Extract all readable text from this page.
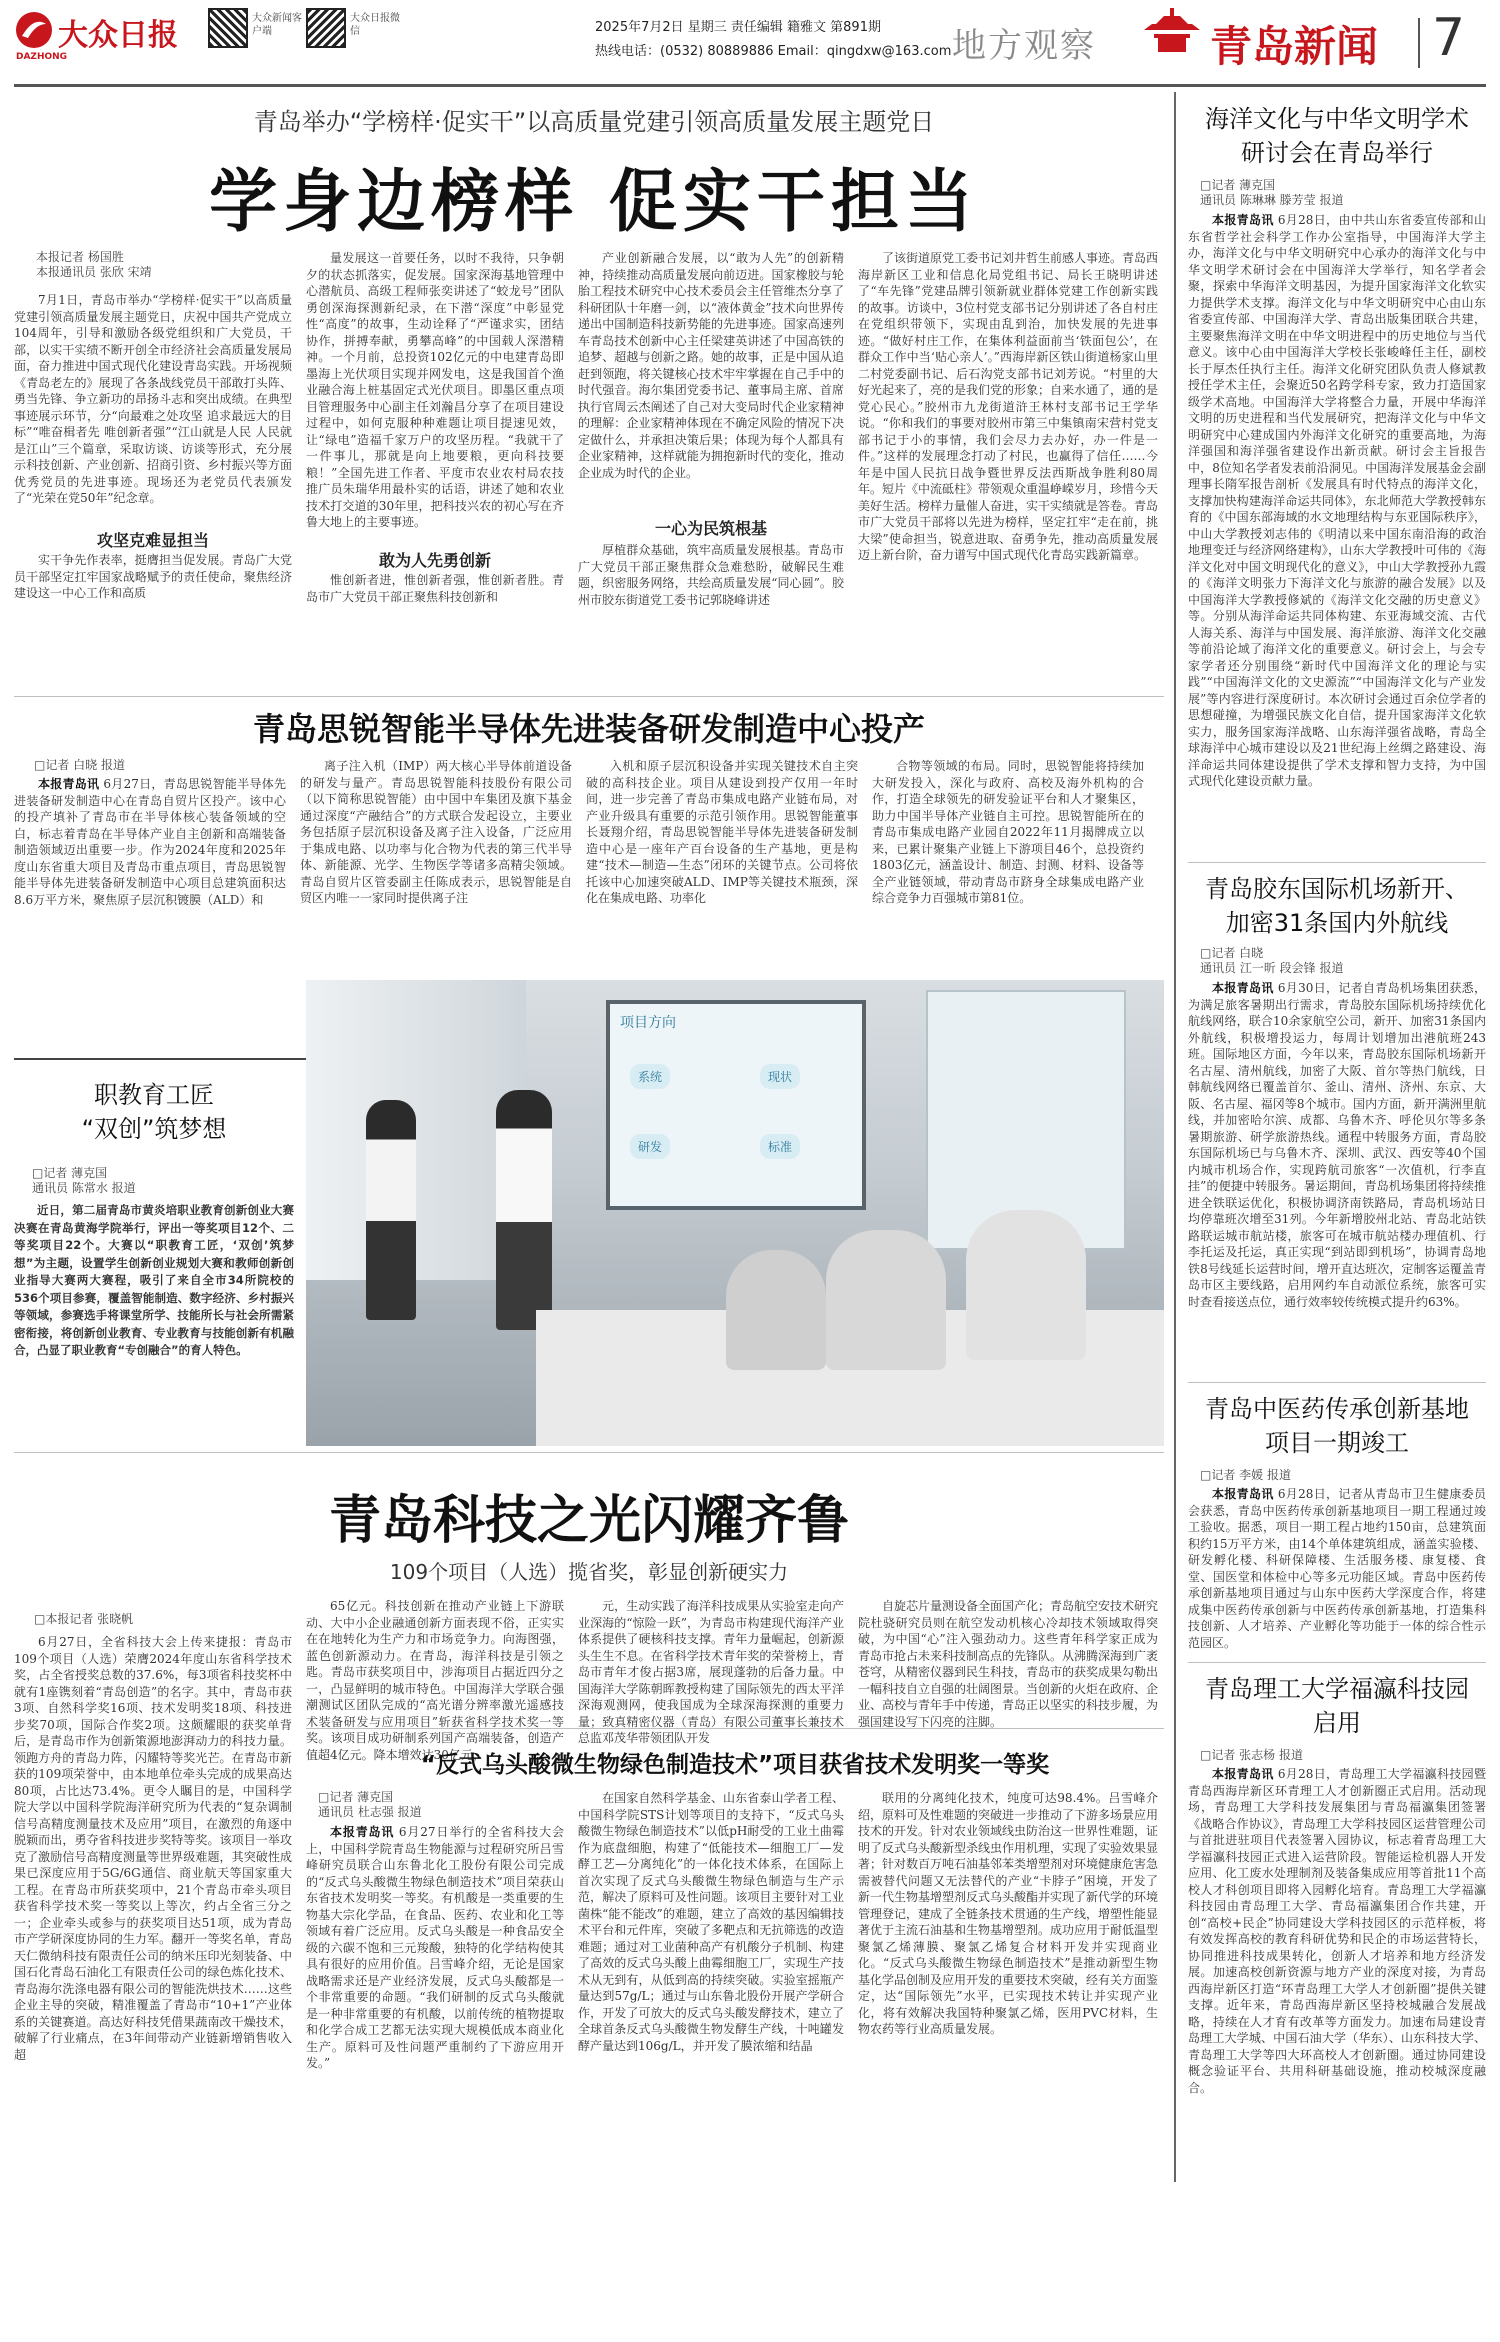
大众日报
DAZHONG
大众新闻客户端
大众日报微信	2025年7月2日 星期三 责任编辑 籍雅文 第891期
热线电话：(0532) 80889886 Email：qingdxw@163.com 地方观察	青岛新闻 7
青岛举办“学榜样·促实干”以高质量党建引领高质量发展主题党日
学身边榜样 促实干担当
本报记者 杨国胜
本报通讯员 张欣 宋靖

7月1日，青岛市举办“学榜样·促实干”以高质量党建引领高质量发展主题党日，庆祝中国共产党成立104周年，引导和激励各级党组织和广大党员，干部，以实干实绩不断开创全市经济社会高质量发展局面，奋力推进中国式现代化建设青岛实践。开场视频《青岛老左的》展现了各条战线党员干部敢打头阵、勇当先锋、争立新功的昂扬斗志和突出成绩。在典型事迹展示环节，分“向最难之处攻坚 追求最远大的目标”“唯奋楫者先 唯创新者强”“江山就是人民 人民就是江山”三个篇章，采取访谈、访谈等形式，充分展示科技创新、产业创新、招商引资、乡村振兴等方面优秀党员的先进事迹。现场还为老党员代表颁发了“光荣在党50年”纪念章。

攻坚克难显担当

实干争先作表率，挺膺担当促发展。青岛广大党员干部坚定扛牢国家战略赋予的责任使命，聚焦经济建设这一中心工作和高质

量发展这一首要任务，以时不我待，只争朝夕的状态抓落实，促发展。国家深海基地管理中心潜航员、高级工程师张奕讲述了“蛟龙号”团队勇创深海探测新纪录，在下潜“深度”中彰显党性“高度”的故事，生动诠释了“严谨求实，团结协作，拼搏奉献，勇攀高峰”的中国载人深潜精神。一个月前，总投资102亿元的中电建青岛即墨海上光伏项目实现并网发电，这是我国首个渔业融合海上桩基固定式光伏项目。即墨区重点项目管理服务中心副主任刘瀚昌分享了在项目建设过程中，如何克服种种难题让项目提速见效，让“绿电”造福千家万户的攻坚历程。“我就干了一件事儿，那就是向上地要粮，更向科技要粮！”全国先进工作者、平度市农业农村局农技推广员朱瑞华用最朴实的话语，讲述了她和农业技术打交道的30年里，把科技兴农的初心写在齐鲁大地上的主要事迹。

敢为人先勇创新

惟创新者进，惟创新者强，惟创新者胜。青岛市广大党员干部正聚焦科技创新和

产业创新融合发展，以“敢为人先”的创新精神，持续推动高质量发展向前迈进。国家橡胶与轮胎工程技术研究中心技术委员会主任管维杰分享了科研团队十年磨一剑，以“液体黄金”技术向世界传递出中国制造科技新势能的先进事迹。国家高速列车青岛技术创新中心主任梁建英讲述了中国高铁的追梦、超越与创新之路。她的故事，正是中国从追赶到领跑，将关键核心技术牢牢掌握在自己手中的时代强音。海尔集团党委书记、董事局主席、首席执行官周云杰阐述了自己对大变局时代企业家精神的理解：企业家精神体现在不确定风险的情况下决定做什么，并承担决策后果；体现为每个人都具有企业家精神，这样就能为拥抱新时代的变化，推动企业成为时代的企业。

一心为民筑根基

厚植群众基础，筑牢高质量发展根基。青岛市广大党员干部正聚焦群众急难愁盼，破解民生难题，织密服务网络，共绘高质量发展“同心圆”。胶州市胶东街道党工委书记郭晓峰讲述

了该街道原党工委书记刘井哲生前感人事迹。青岛西海岸新区工业和信息化局党组书记、局长王晓明讲述了“车先锋”党建品牌引领新就业群体党建工作创新实践的故事。访谈中，3位村党支部书记分别讲述了各自村庄在党组织带领下，实现由乱到治，加快发展的先进事迹。“做好村庄工作，在集体利益面前当‘铁面包公’，在群众工作中当‘贴心亲人’。”西海岸新区铁山街道杨家山里二村党委副书记、后石沟党支部书记刘芳说。“村里的大好光起来了，亮的是我们党的形象；自来水通了，通的是党心民心。”胶州市九龙街道浒王林村支部书记王学华说。“你和我们的事要对胶州市第三中集镇南宋营村党支部书记于小的事情，我们会尽力去办好，办一件是一件。”这样的发展理念打动了村民，也赢得了信任……今年是中国人民抗日战争暨世界反法西斯战争胜利80周年。短片《中流砥柱》带领观众重温峥嵘岁月，珍惜今天美好生活。榜样力量催人奋进，实干实绩就是答卷。青岛市广大党员干部将以先进为榜样，坚定扛牢“走在前，挑大梁”使命担当，锐意进取、奋勇争先，推动高质量发展迈上新台阶，奋力谱写中国式现代化青岛实践新篇章。

青岛思锐智能半导体先进装备研发制造中心投产
□记者 白晓 报道

本报青岛讯 6月27日，青岛思锐智能半导体先进装备研发制造中心在青岛自贸片区投产。该中心的投产填补了青岛市在半导体核心装备领域的空白，标志着青岛在半导体产业自主创新和高端装备制造领域迈出重要一步。作为2024年度和2025年度山东省重大项目及青岛市重点项目，青岛思锐智能半导体先进装备研发制造中心项目总建筑面积达8.6万平方米，聚焦原子层沉积镀膜（ALD）和

离子注入机（IMP）两大核心半导体前道设备的研发与量产。青岛思锐智能科技股份有限公司（以下简称思锐智能）由中国中车集团及旗下基金通过深度“产融结合”的方式联合发起设立，主要业务包括原子层沉积设备及离子注入设备，广泛应用于集成电路、以功率与化合物为代表的第三代半导体、新能源、光学、生物医学等诸多高精尖领域。青岛自贸片区管委副主任陈成表示，思锐智能是自贸区内唯一一家同时提供离子注

入机和原子层沉积设备并实现关键技术自主突破的高科技企业。项目从建设到投产仅用一年时间，进一步完善了青岛市集成电路产业链布局，对产业升级具有重要的示范引领作用。思锐智能董事长聂翔介绍，青岛思锐智能半导体先进装备研发制造中心是一座年产百台设备的生产基地，更是构建“技术—制造—生态”闭环的关键节点。公司将依托该中心加速突破ALD、IMP等关键技术瓶颈，深化在集成电路、功率化

合物等领域的布局。同时，思锐智能将持续加大研发投入，深化与政府、高校及海外机构的合作，打造全球领先的研发验证平台和人才聚集区，助力中国半导体产业链自主可控。思锐智能所在的青岛市集成电路产业园自2022年11月揭牌成立以来，已累计聚集产业链上下游项目46个，总投资约1803亿元，涵盖设计、制造、封测、材料、设备等全产业链领域，带动青岛市跻身全球集成电路产业综合竞争力百强城市第81位。

项目方向
系统	现状
研发	标准
职教育工匠
“双创”筑梦想
□记者 薄克国
通讯员 陈常水 报道

近日，第二届青岛市黄炎培职业教育创新创业大赛决赛在青岛黄海学院举行，评出一等奖项目12个、二等奖项目22个。大赛以“职教育工匠，‘双创’筑梦想”为主题，设置学生创新创业规划大赛和教师创新创业指导大赛两大赛程，吸引了来自全市34所院校的536个项目参赛，覆盖智能制造、数字经济、乡村振兴等领域，参赛选手将课堂所学、技能所长与社会所需紧密衔接，将创新创业教育、专业教育与技能创新有机融合，凸显了职业教育“专创融合”的育人特色。

青岛科技之光闪耀齐鲁
109个项目（人选）揽省奖，彰显创新硬实力
□本报记者 张晓帆

6月27日，全省科技大会上传来捷报：青岛市109个项目（人选）荣膺2024年度山东省科学技术奖，占全省授奖总数的37.6%，每3项省科技奖杯中就有1座镌刻着“青岛创造”的名字。其中，青岛市获3项、自然科学奖16项、技术发明奖18项、科技进步奖70项，国际合作奖2项。这颇耀眼的获奖单背后，是青岛市作为创新策源地澎湃动力的科技力量。领跑方舟的青岛力阵，闪耀特等奖光芒。在青岛市新获的109项荣誉中，由本地单位牵头完成的成果高达80项，占比达73.4%。更令人瞩目的是，中国科学院大学以中国科学院海洋研究所为代表的“复杂调制信号高精度测量技术及应用”项目，在激烈的角逐中脱颖而出，勇夺省科技进步奖特等奖。该项目一举攻克了激励信号高精度测量等世界级难题，其突破性成果已深度应用于5G/6G通信、商业航天等国家重大工程。在青岛市所获奖项中，21个青岛市牵头项目获省科学技术奖一等奖以上等次，约占全省三分之一；企业牵头或参与的获奖项目达51项，成为青岛市产学研深度协同的生力军。翻开一等奖名单，青岛天仁微纳科技有限责任公司的纳米压印光刻装备、中国石化青岛石油化工有限责任公司的绿色炼化技术、青岛海尔洗涤电器有限公司的智能洗烘技术……这些企业主导的突破，精准覆盖了青岛市“10+1”产业体系的关键赛道。高达好科技凭借果蔬南改干燥技术，破解了行业痛点，在3年间带动产业链新增销售收入超

65亿元。科技创新在推动产业链上下游联动、大中小企业融通创新方面表现不俗，正实实在在地转化为生产力和市场竞争力。向海图强，蓝色创新源动力。在青岛，海洋科技是引领之匙。青岛市获奖项目中，涉海项目占据近四分之一，凸显鲜明的城市特色。中国海洋大学联合强潮测试区团队完成的“高光谱分辨率激光遥感技术装备研发与应用项目”斩获省科学技术奖一等奖。该项目成功研制系列国产高端装备，创造产值超4亿元。降本增效达30亿元，

元，生动实践了海洋科技成果从实验室走向产业深海的“惊险一跃”，为青岛市构建现代海洋产业体系提供了硬核科技支撑。青年力量崛起，创新源头生生不息。在省科学技术青年奖的荣誉榜上，青岛市青年才俊占据3席，展现蓬勃的后备力量。中国海洋大学陈朝晖教授构建了国际领先的西太平洋深海观测网，使我国成为全球深海探测的重要力量；致真精密仪器（青岛）有限公司董事长兼技术总监邓茂华带领团队开发

自旋芯片量测设备全面国产化；青岛航空安技术研究院杜骁研究员则在航空发动机核心冷却技术领域取得突破，为中国“心”注入强劲动力。这些青年科学家正成为青岛市抢占未来科技制高点的先锋队。从沸腾深海到广袤苍穹，从精密仪器到民生科技，青岛市的获奖成果勾勒出一幅科技自立自强的壮阔图景。当创新的火炬在政府、企业、高校与青年手中传递，青岛正以坚实的科技步履，为强国建设写下闪亮的注脚。

“反式乌头酸微生物绿色制造技术”项目获省技术发明奖一等奖
□记者 薄克国
通讯员 杜志强 报道

本报青岛讯 6月27日举行的全省科技大会上，中国科学院青岛生物能源与过程研究所吕雪峰研究员联合山东鲁北化工股份有限公司完成的“反式乌头酸微生物绿色制造技术”项目荣获山东省技术发明奖一等奖。有机酸是一类重要的生物基大宗化学品，在食品、医药、农业和化工等领域有着广泛应用。反式乌头酸是一种食品安全级的六碳不饱和三元羧酸，独特的化学结构使其具有很好的应用价值。吕雪峰介绍，无论是国家战略需求还是产业经济发展，反式乌头酸都是一个非常重要的命题。“我们研制的反式乌头酸就是一种非常重要的有机酸，以前传统的植物提取和化学合成工艺都无法实现大规模低成本商业化生产。原料可及性问题严重制约了下游应用开发。”

在国家自然科学基金、山东省泰山学者工程、中国科学院STS计划等项目的支持下，“反式乌头酸微生物绿色制造技术”以低pH耐受的工业土曲霉作为底盘细胞，构建了“低能技术—细胞工厂—发酵工艺—分离纯化”的一体化技术体系，在国际上首次实现了反式乌头酸微生物绿色制造与生产示范，解决了原料可及性问题。该项目主要针对工业菌株“能不能改”的难题，建立了高效的基因编辑技术平台和元件库，突破了多靶点和无抗筛选的改造难题；通过对工业菌种高产有机酸分子机制、构建了高效的反式乌头酸上曲霉细胞工厂，实现生产技术从无到有，从低到高的持续突破。实验室摇瓶产量达到57g/L；通过与山东鲁北股份开展产学研合作，开发了可放大的反式乌头酸发酵技术，建立了全球首条反式乌头酸微生物发酵生产线，十吨罐发酵产量达到106g/L，并开发了膜浓缩和结晶

联用的分离纯化技术，纯度可达98.4%。吕雪峰介绍，原料可及性难题的突破进一步推动了下游多场景应用技术的开发。针对农业领域线虫防治这一世界性难题，证明了反式乌头酸新型杀线虫作用机理，实现了实验效果显著；针对数百万吨石油基邻苯类增塑剂对环境健康危害急需被替代问题又无法替代的产业“卡脖子”困境，开发了新一代生物基增塑剂反式乌头酸酯并实现了新代学的环境管理登记，建成了全链条技术贯通的生产线，增塑性能显著优于主流石油基和生物基增塑剂。成功应用于耐低温型聚氯乙烯薄膜、聚氯乙烯复合材料开发并实现商业化。“反式乌头酸微生物绿色制造技术”是推动新型生物基化学品创制及应用开发的重要技术突破，经有关方面鉴定，达“国际领先”水平，已实现技术转让并实现产业化，将有效解决我国特种聚氯乙烯，医用PVC材料，生物农药等行业高质量发展。

海洋文化与中华文明学术研讨会在青岛举行
□记者 薄克国
通讯员 陈琳琳 滕芳莹 报道

本报青岛讯 6月28日，由中共山东省委宣传部和山东省哲学社会科学工作办公室指导，中国海洋大学主办，海洋文化与中华文明研究中心承办的海洋文化与中华文明学术研讨会在中国海洋大学举行，知名学者会聚，探索中华海洋文明基因，为提升国家海洋文化软实力提供学术支撑。海洋文化与中华文明研究中心由山东省委宣传部、中国海洋大学、青岛出版集团联合共建，主要聚焦海洋文明在中华文明进程中的历史地位与当代意义。该中心由中国海洋大学校长张峻峰任主任，副校长于厚杰任执行主任。海洋文化研究团队负责人修斌教授任学术主任，会聚近50名跨学科专家，致力打造国家级学术高地。中国海洋大学将整合力量，开展中华海洋文明的历史进程和当代发展研究，把海洋文化与中华文明研究中心建成国内外海洋文化研究的重要高地，为海洋强国和海洋强省建设作出新贡献。研讨会主旨报告中，8位知名学者发表前沿洞见。中国海洋发展基金会副理事长隋军报告剖析《发展具有时代特点的海洋文化，支撑加快构建海洋命运共同体》，东北师范大学教授韩东育的《中国东部海域的水文地理结构与东亚国际秩序》，中山大学教授刘志伟的《明清以来中国东南沿海的政治地理变迁与经济网络建构》，山东大学教授叶可伟的《海洋文化对中国文明现代化的意义》，中山大学教授孙九霞的《海洋文明张力下海洋文化与旅游的融合发展》以及中国海洋大学教授修斌的《海洋文化交融的历史意义》等。分别从海洋命运共同体构建、东亚海域交流、古代人海关系、海洋与中国发展、海洋旅游、海洋文化交融等前沿论域了海洋文化的重要意义。研讨会上，与会专家学者还分别围绕“新时代中国海洋文化的理论与实践”“中国海洋文化的文史源流”“中国海洋文化与产业发展”等内容进行深度研讨。本次研讨会通过百余位学者的思想碰撞，为增强民族文化自信，提升国家海洋文化软实力，服务国家海洋战略、山东海洋强省战略，青岛全球海洋中心城市建设以及21世纪海上丝绸之路建设、海洋命运共同体建设提供了学术支撑和智力支持，为中国式现代化建设贡献力量。

青岛胶东国际机场新开、加密31条国内外航线
□记者 白晓
通讯员 江一昕 段会锋 报道

本报青岛讯 6月30日，记者自青岛机场集团获悉，为满足旅客暑期出行需求，青岛胶东国际机场持续优化航线网络，联合10余家航空公司，新开、加密31条国内外航线，积极增投运力，每周计划增加出港航班243班。国际地区方面，今年以来，青岛胶东国际机场新开名古屋、清州航线，加密了大阪、首尔等热门航线，日韩航线网络已覆盖首尔、釜山、清州、济州、东京、大阪、名古屋、福冈等8个城市。国内方面，新开满洲里航线，并加密哈尔滨、成都、乌鲁木齐、呼伦贝尔等多条暑期旅游、研学旅游热线。通程中转服务方面，青岛胶东国际机场已与乌鲁木齐、深圳、武汉、西安等40个国内城市机场合作，实现跨航司旅客“一次值机，行李直挂”的便捷中转服务。暑运期间，青岛机场集团将持续推进全铁联运优化，积极协调济南铁路局，青岛机场站日均停靠班次增至31列。今年新增胶州北站、青岛北站铁路联运城市航站楼，旅客可在城市航站楼办理值机、行李托运及托运，真正实现“到站即到机场”，协调青岛地铁8号线延长运营时间，增开直达班次，定制客运覆盖青岛市区主要线路，启用网约车自动派位系统，旅客可实时查看接送点位，通行效率较传统模式提升约63%。

青岛中医药传承创新基地项目一期竣工
□记者 李媛 报道

本报青岛讯 6月28日，记者从青岛市卫生健康委员会获悉，青岛中医药传承创新基地项目一期工程通过竣工验收。据悉，项目一期工程占地约150亩，总建筑面积约15万平方米，由14个单体建筑组成，涵盖实验楼、研发孵化楼、科研保障楼、生活服务楼、康复楼、食堂、国医堂和体检中心等多元功能区域。青岛中医药传承创新基地项目通过与山东中医药大学深度合作，将建成集中医药传承创新与中医药传承创新基地，打造集科技创新、人才培养、产业孵化等功能于一体的综合性示范园区。

青岛理工大学福瀛科技园启用
□记者 张志杨 报道

本报青岛讯 6月28日，青岛理工大学福瀛科技园暨青岛西海岸新区环青理工人才创新圈正式启用。活动现场，青岛理工大学科技发展集团与青岛福瀛集团签署《战略合作协议》，青岛理工大学科技园区运营管理公司与首批进驻项目代表签署入园协议，标志着青岛理工大学福瀛科技园正式进入运营阶段。智能运检机器人开发应用、化工废水处理制剂及装备集成应用等首批11个高校人才科创项目即将入园孵化培育。青岛理工大学福瀛科技园由青岛理工大学、青岛福瀛集团合作共建，开创“高校+民企”协同建设大学科技园区的示范样板，将有效发挥高校的教育科研优势和民企的市场运营特长，协同推进科技成果转化，创新人才培养和地方经济发展。加速高校创新资源与地方产业的深度对接，为青岛西海岸新区打造“环青岛理工大学人才创新圈”提供关键支撑。近年来，青岛西海岸新区坚持校城融合发展战略，持续在人才育有改革等方面发力。加速布局建设青岛理工大学城、中国石油大学（华东）、山东科技大学、青岛理工大学等四大环高校人才创新圈。通过协同建设概念验证平台、共用科研基础设施，推动校城深度融合。
